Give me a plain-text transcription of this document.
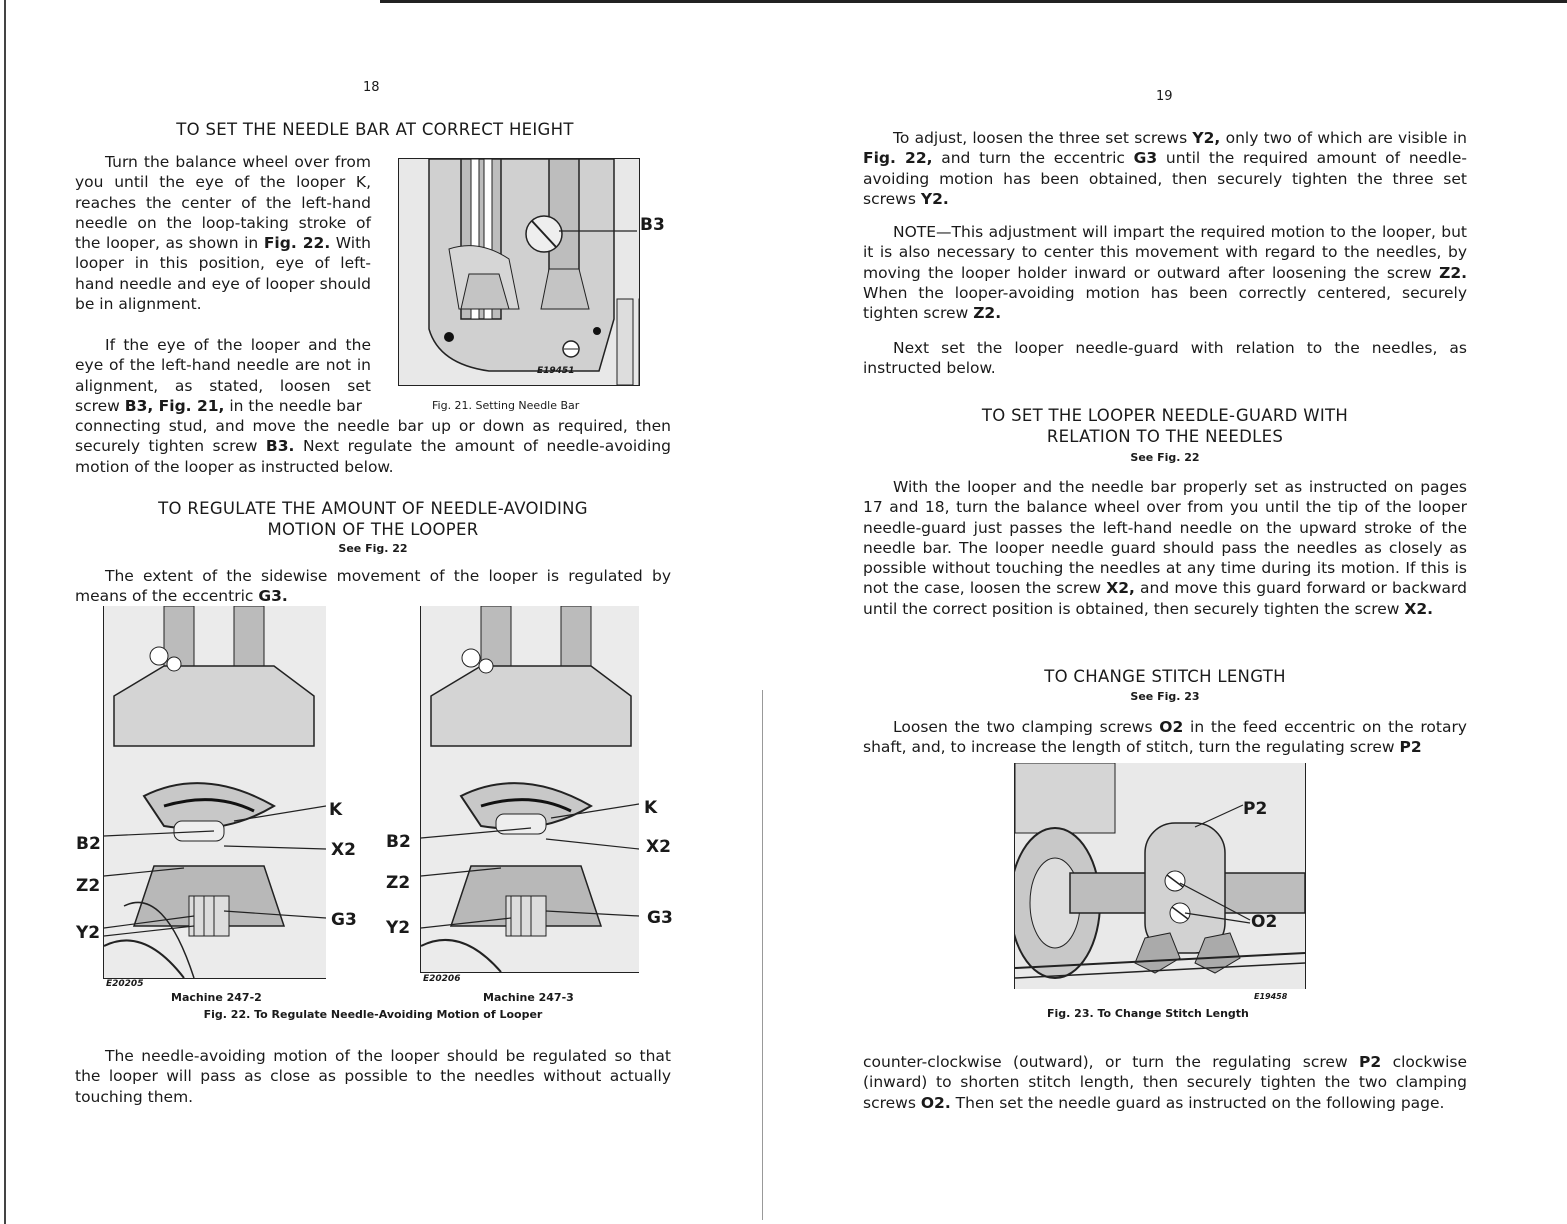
18
TO SET THE NEEDLE BAR AT CORRECT HEIGHT

Turn the balance wheel over from you until the eye of the looper K, reaches the center of the left-hand needle on the loop-taking stroke of the looper, as shown in Fig. 22. With looper in this position, eye of left-hand needle and eye of looper should be in alignment.

If the eye of the looper and the eye of the left-hand needle are not in alignment, as stated, loosen set screw B3, Fig. 21, in the needle bar

B3
E19451
Fig. 21. Setting Needle Bar

connecting stud, and move the needle bar up or down as required, then securely tighten screw B3. Next regulate the amount of needle-avoiding motion of the looper as instructed below.

TO REGULATE THE AMOUNT OF NEEDLE-AVOIDING
MOTION OF THE LOOPER
See Fig. 22

The extent of the sidewise movement of the looper is regulated by means of the eccentric G3.

K
X2
G3
B2
Z2
Y2
E20205
K
X2
G3
B2
Z2
Y2
E20206
Machine 247-2	Machine 247-3
Fig. 22. To Regulate Needle-Avoiding Motion of Looper

The needle-avoiding motion of the looper should be regulated so that the looper will pass as close as possible to the needles without actually touching them.

19

To adjust, loosen the three set screws Y2, only two of which are visible in Fig. 22, and turn the eccentric G3 until the required amount of needle-avoiding motion has been obtained, then securely tighten the three set screws Y2.

NOTE—This adjustment will impart the required motion to the looper, but it is also necessary to center this movement with regard to the needles, by moving the looper holder inward or outward after loosening the screw Z2. When the looper-avoiding motion has been correctly centered, securely tighten screw Z2.

Next set the looper needle-guard with relation to the needles, as instructed below.

TO SET THE LOOPER NEEDLE-GUARD WITH
RELATION TO THE NEEDLES
See Fig. 22

With the looper and the needle bar properly set as instructed on pages 17 and 18, turn the balance wheel over from you until the tip of the looper needle-guard just passes the left-hand needle on the upward stroke of the needle bar. The looper needle guard should pass the needles as closely as possible without touching the needles at any time during its motion. If this is not the case, loosen the screw X2, and move this guard forward or backward until the correct position is obtained, then securely tighten the screw X2.

TO CHANGE STITCH LENGTH
See Fig. 23

Loosen the two clamping screws O2 in the feed eccentric on the rotary shaft, and, to increase the length of stitch, turn the regulating screw P2

P2
O2
E19458
Fig. 23. To Change Stitch Length

counter-clockwise (outward), or turn the regulating screw P2 clockwise (inward) to shorten stitch length, then securely tighten the two clamping screws O2. Then set the needle guard as instructed on the following page.
